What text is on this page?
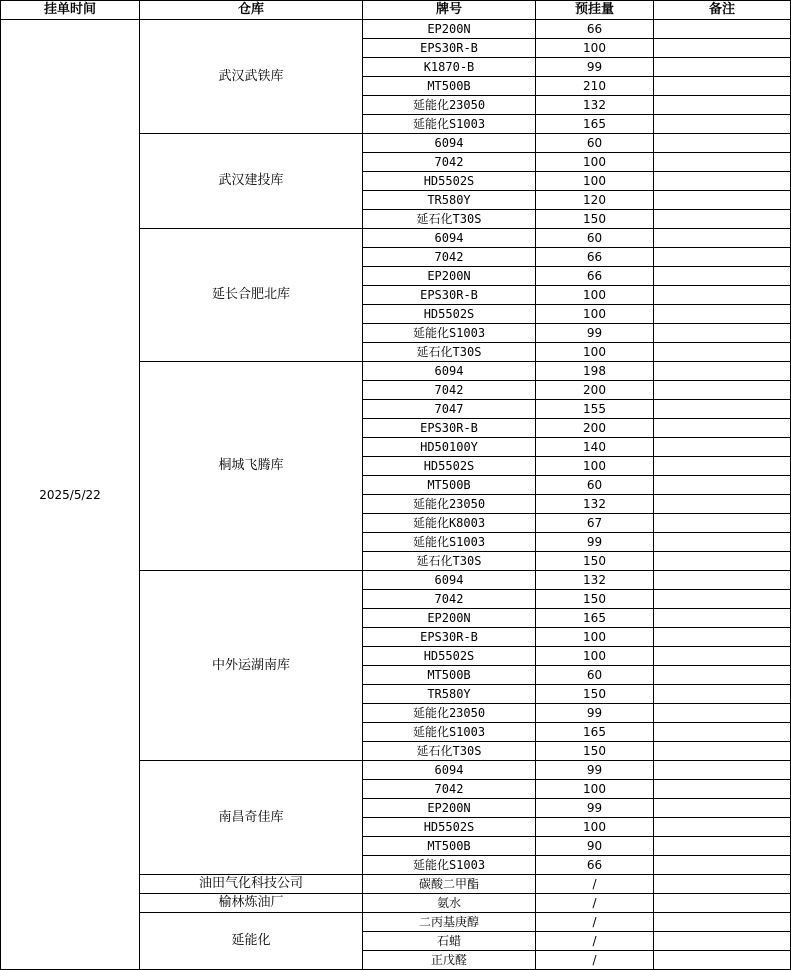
挂单时间	仓库	牌号	预挂量	备注
2025/5/22	武汉武铁库	EP200N	66	
		EPS30R-B	100	
		K1870-B	99	
		MT500B	210	
		延能化23050	132	
		延能化S1003	165	
	武汉建投库	6094	60	
		7042	100	
		HD5502S	100	
		TR580Y	120	
		延石化T30S	150	
	延长合肥北库	6094	60	
		7042	66	
		EP200N	66	
		EPS30R-B	100	
		HD5502S	100	
		延能化S1003	99	
		延石化T30S	100	
	桐城飞腾库	6094	198	
		7042	200	
		7047	155	
		EPS30R-B	200	
		HD50100Y	140	
		HD5502S	100	
		MT500B	60	
		延能化23050	132	
		延能化K8003	67	
		延能化S1003	99	
		延石化T30S	150	
	中外运湖南库	6094	132	
		7042	150	
		EP200N	165	
		EPS30R-B	100	
		HD5502S	100	
		MT500B	60	
		TR580Y	150	
		延能化23050	99	
		延能化S1003	165	
		延石化T30S	150	
	南昌奇佳库	6094	99	
		7042	100	
		EP200N	99	
		HD5502S	100	
		MT500B	90	
		延能化S1003	66	
	油田气化科技公司	碳酸二甲酯	/	
	榆林炼油厂	氨水	/	
	延能化	二丙基庚醇	/	
		石蜡	/	
		正戊醛	/	
